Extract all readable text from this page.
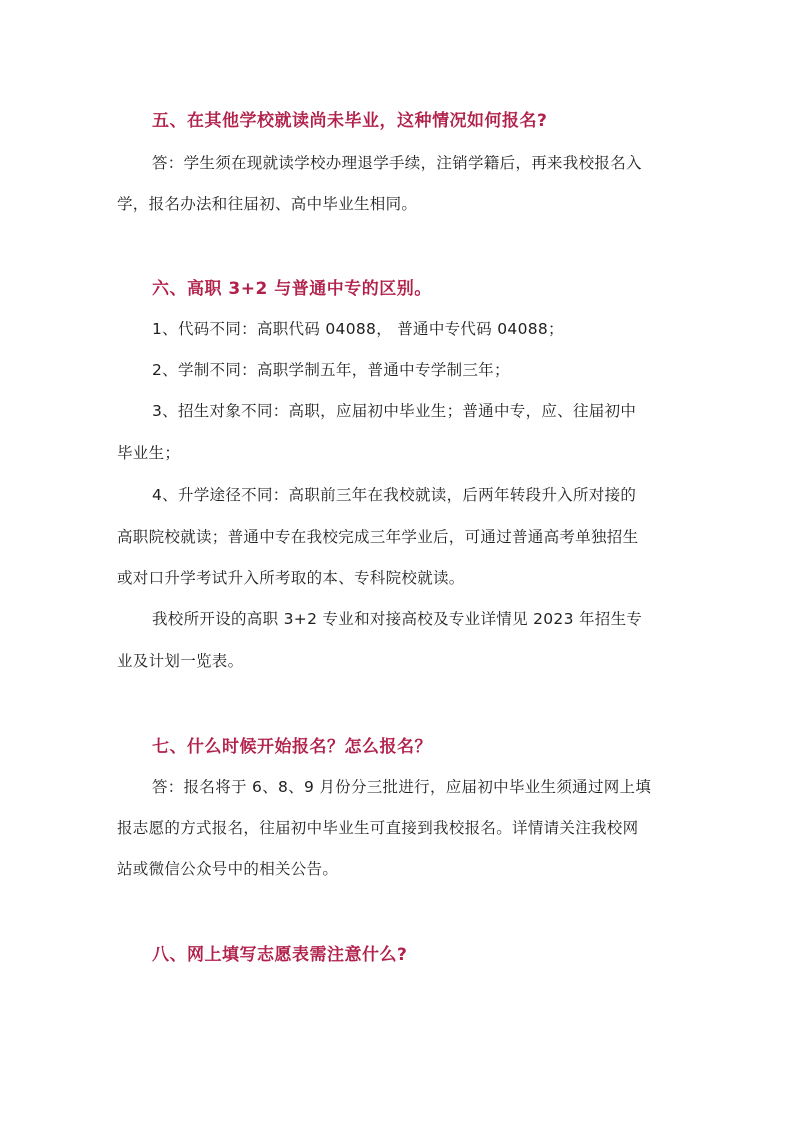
五、在其他学校就读尚未毕业，这种情况如何报名?
答：学生须在现就读学校办理退学手续，注销学籍后，再来我校报名入
学，报名办法和往届初、高中毕业生相同。
六、高职 3+2 与普通中专的区别。
1、代码不同：高职代码 04088， 普通中专代码 04088；
2、学制不同：高职学制五年，普通中专学制三年；
3、招生对象不同：高职，应届初中毕业生；普通中专，应、往届初中
毕业生；
4、升学途径不同：高职前三年在我校就读，后两年转段升入所对接的
高职院校就读；普通中专在我校完成三年学业后，可通过普通高考单独招生
或对口升学考试升入所考取的本、专科院校就读。
我校所开设的高职 3+2 专业和对接高校及专业详情见 2023 年招生专
业及计划一览表。
七、什么时候开始报名？怎么报名？
答：报名将于 6、8、9 月份分三批进行，应届初中毕业生须通过网上填
报志愿的方式报名，往届初中毕业生可直接到我校报名。详情请关注我校网
站或微信公众号中的相关公告。
八、网上填写志愿表需注意什么?
